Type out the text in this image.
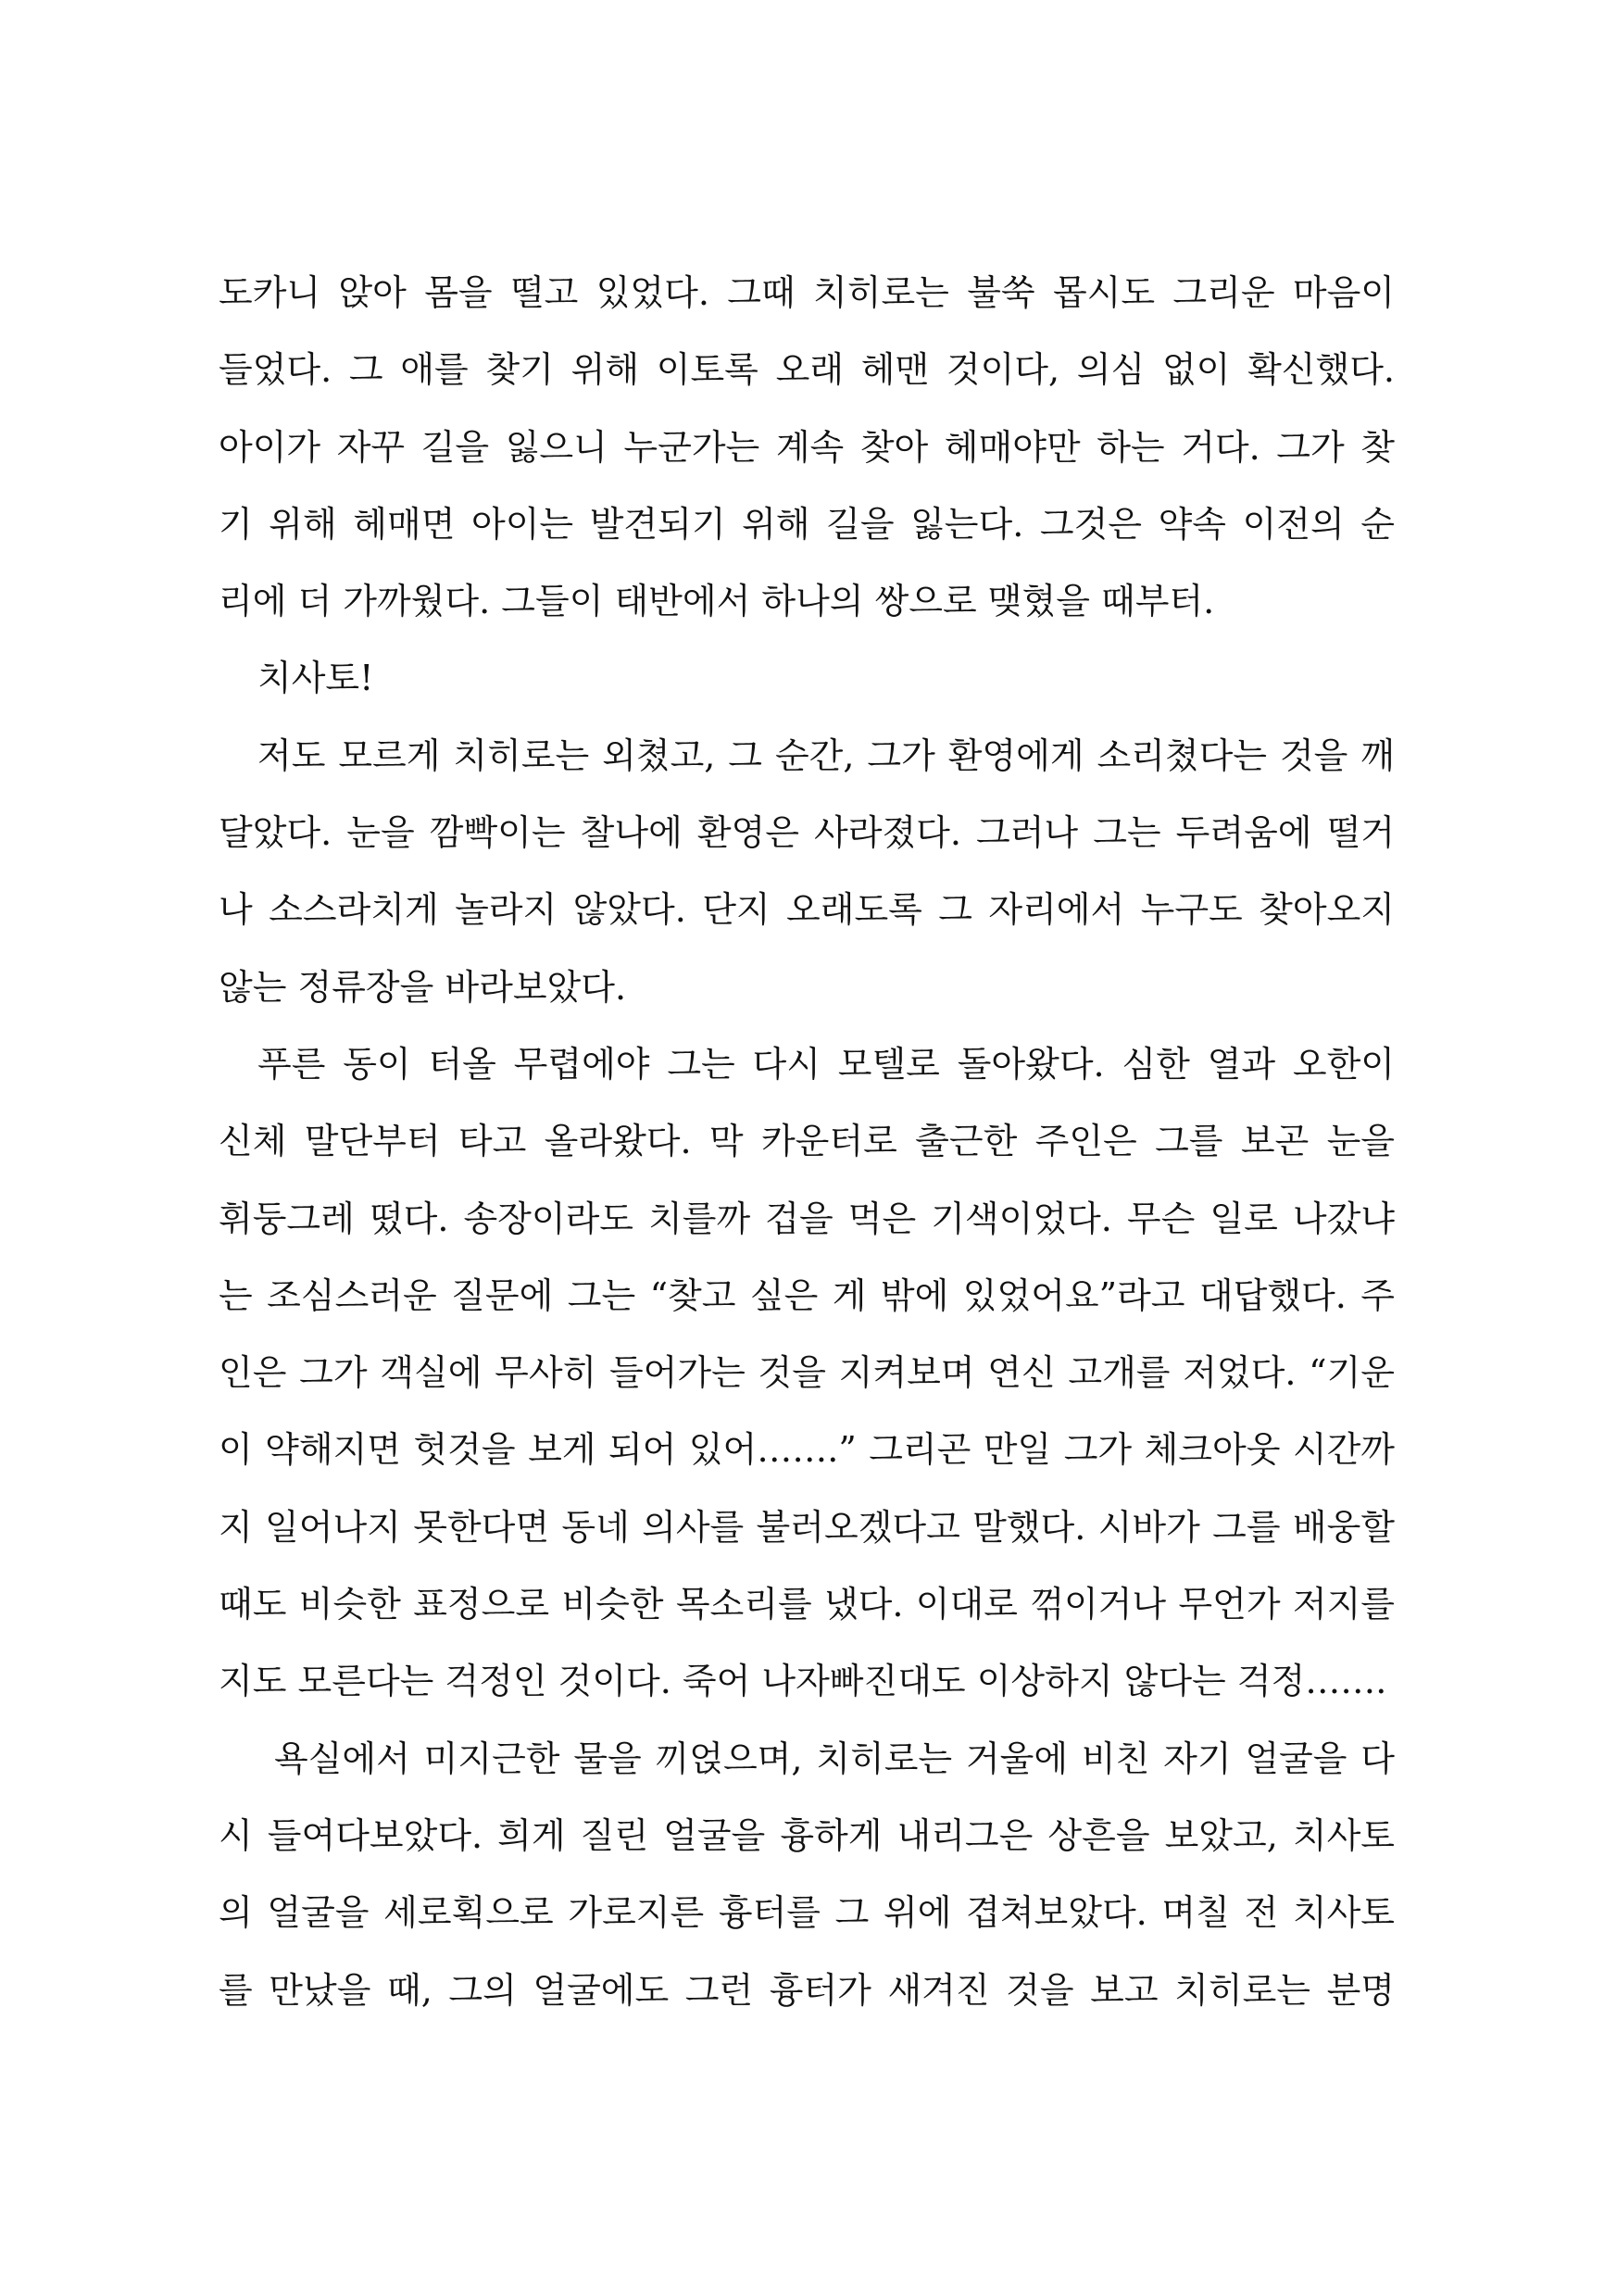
도카니 앉아 몸을 떨고 있었다. 그때 치히로는 불쑥 몹시도 그리운 마음이
들었다. 그 애를 찾기 위해 이토록 오래 헤맨 것이다, 의심 없이 확신했다.
아이가 자꾸 길을 잃으니 누군가는 계속 찾아 헤매야만 하는 거다. 그가 찾
기 위해 헤매면 아이는 발견되기 위해 길을 잃는다. 그것은 약속 이전의 순
리에 더 가까웠다. 그들이 태반에서 하나의 쌍으로 맺혔을 때부터.
치사토!
저도 모르게 치히로는 외쳤고, 그 순간, 그가 환영에게 소리쳤다는 것을 깨
달았다. 눈을 깜빡이는 찰나에 환영은 사라졌다. 그러나 그는 두려움에 떨거
나 소스라치게 놀라지 않았다. 단지 오래도록 그 자리에서 누구도 찾아오지
않는 정류장을 바라보았다.
푸른 동이 터올 무렵에야 그는 다시 모텔로 돌아왔다. 심한 열과 오한이
신체 말단부터 타고 올라왔다. 막 카운터로 출근한 주인은 그를 보곤 눈을
휘둥그레 떴다. 송장이라도 치를까 겁을 먹은 기색이었다. 무슨 일로 나갔냐
는 조심스러운 질문에 그는 “찾고 싶은 게 밖에 있었어요”라고 대답했다. 주
인은 그가 객실에 무사히 들어가는 것을 지켜보며 연신 고개를 저었다. “기운
이 약해지면 헛것을 보게 되어 있어…….” 그리곤 만일 그가 체크아웃 시간까
지 일어나지 못한다면 동네 의사를 불러오겠다고 말했다. 시바가 그를 배웅할
때도 비슷한 표정으로 비슷한 목소리를 냈다. 이대로 꺾이거나 무언가 저지를
지도 모른다는 걱정인 것이다. 죽어 나자빠진대도 이상하지 않다는 걱정…….
욕실에서 미지근한 물을 끼얹으며, 치히로는 거울에 비친 자기 얼굴을 다
시 들여다보았다. 희게 질린 얼굴을 흉하게 내리그은 상흔을 보았고, 치사토
의 얼굴을 세로획으로 가로지른 흉터를 그 위에 겹쳐보았다. 며칠 전 치사토
를 만났을 때, 그의 얼굴에도 그런 흉터가 새겨진 것을 보고 치히로는 분명
